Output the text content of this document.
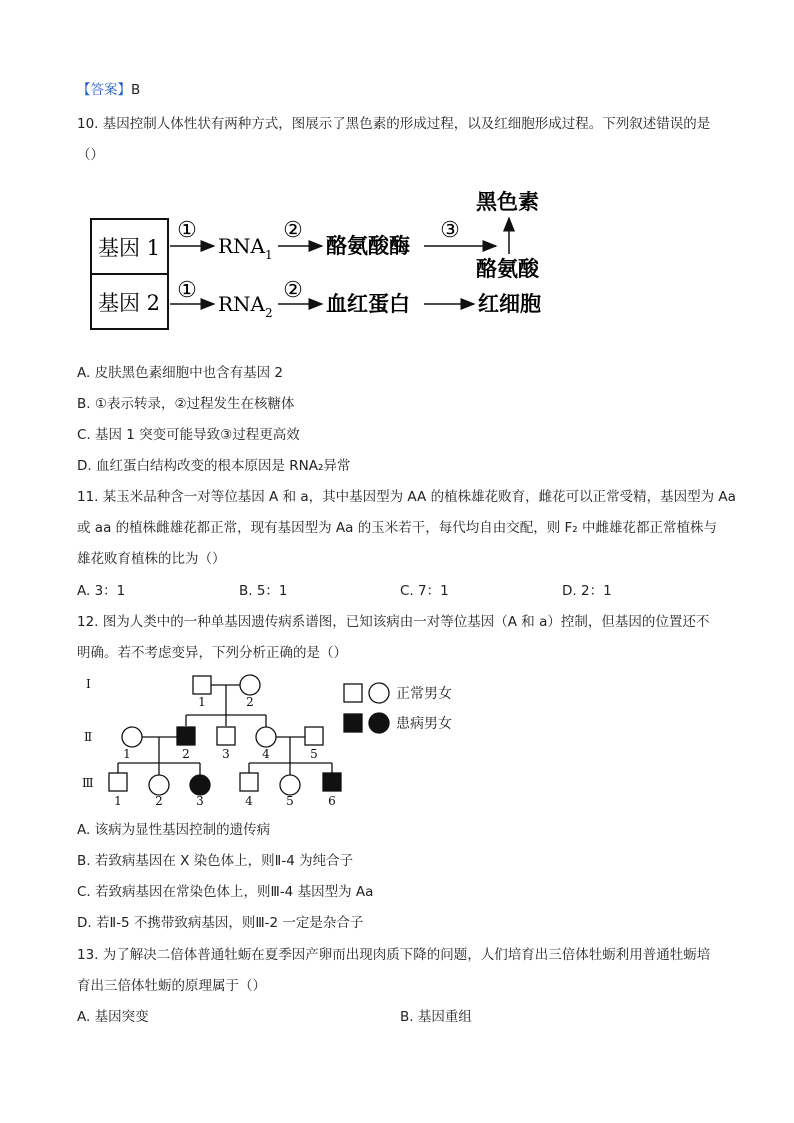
【答案】B
10. 基因控制人体性状有两种方式，图展示了黑色素的形成过程，以及红细胞形成过程。下列叙述错误的是
（）
基因 1
基因 2
①
$RNA_1$
②
酪氨酸酶
③
黑色素
酪氨酸
①
$RNA_2$
②
血红蛋白	红细胞
A. 皮肤黑色素细胞中也含有基因 2
B. ①表示转录，②过程发生在核糖体
C. 基因 1 突变可能导致③过程更高效
D. 血红蛋白结构改变的根本原因是 RNA₂异常
11. 某玉米品种含一对等位基因 A 和 a，其中基因型为 AA 的植株雄花败育，雌花可以正常受精，基因型为 Aa
或 aa 的植株雌雄花都正常，现有基因型为 Aa 的玉米若干，每代均自由交配，则 F₂ 中雌雄花都正常植株与
雄花败育植株的比为（）
A. 3：1	B. 5：1	C. 7：1	D. 2：1
12. 图为人类中的一种单基因遗传病系谱图，已知该病由一对等位基因（A 和 a）控制，但基因的位置还不
明确。若不考虑变异，下列分析正确的是（）
I
Ⅱ
Ⅲ
1	2
1	2	3	4	5
1	2	3	4	5	6
正常男女
患病男女
A. 该病为显性基因控制的遗传病
B. 若致病基因在 X 染色体上，则Ⅱ-4 为纯合子
C. 若致病基因在常染色体上，则Ⅲ-4 基因型为 Aa
D. 若Ⅱ-5 不携带致病基因，则Ⅲ-2 一定是杂合子
13. 为了解决二倍体普通牡蛎在夏季因产卵而出现肉质下降的问题，人们培育出三倍体牡蛎利用普通牡蛎培
育出三倍体牡蛎的原理属于（）
A. 基因突变	B. 基因重组
